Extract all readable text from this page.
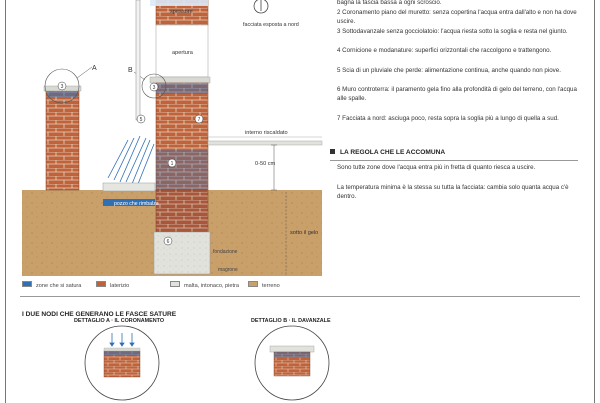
A
spessore
apertura
fondazione
magrone
B
pozzo che rimbalza
interno riscaldato
0-50 cm
sotto il gelo
3	3
7
5
1
6
facciata esposta a nord
bagna la fascia bassa a ogni scroscio.
2 Coronamento piano del muretto: senza copertina l'acqua entra dall'alto e non ha dove uscire.
3 Sottodavanzale senza gocciolatoio: l'acqua riesta sotto la soglia e resta nel giunto.
4 Cornicione e modanature: superfici orizzontali che raccolgono e trattengono.
5 Scia di un pluviale che perde: alimentazione continua, anche quando non piove.
6 Muro controterra: il paramento gela fino alla profondità di gelo del terreno, con l'acqua alle spalle.
7 Facciata a nord: asciuga poco, resta sopra la soglia più a lungo di quella a sud.
LA REGOLA CHE LE ACCOMUNA
Sono tutte zone dove l'acqua entra più in fretta di quanto riesca a uscire.
La temperatura minima è la stessa su tutta la facciata: cambia solo quanta acqua c'è dentro.
zone che si satura	laterizio	malta, intonaco, pietra	terreno
I DUE NODI CHE GENERANO LE FASCE SATURE
DETTAGLIO A · IL CORONAMENTO	DETTAGLIO B · IL DAVANZALE
